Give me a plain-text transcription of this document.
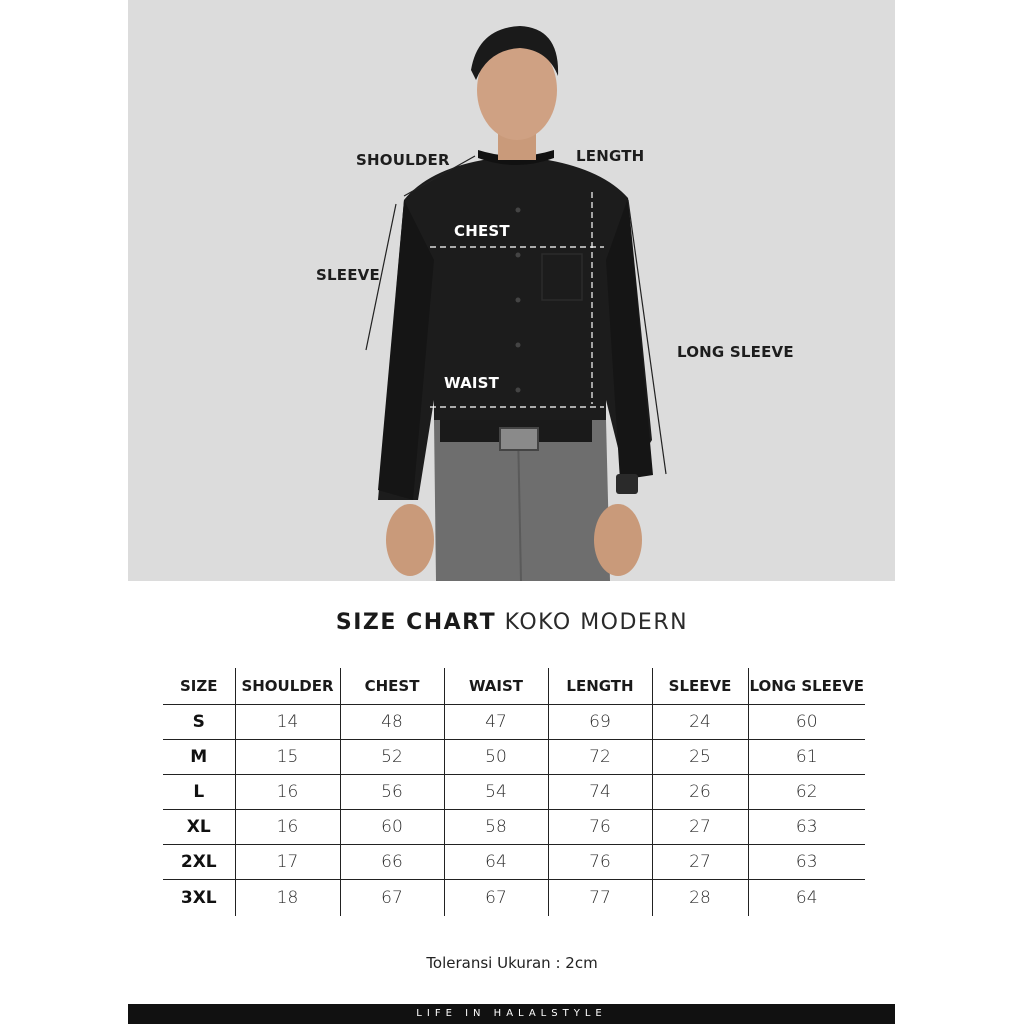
SHOULDER	LENGTH
CHEST
SLEEVE
LONG SLEEVE
WAIST
SIZE CHART KOKO MODERN
SIZE	SHOULDER	CHEST	WAIST	LENGTH	SLEEVE	LONG SLEEVE
S	14	48	47	69	24	60
M	15	52	50	72	25	61
L	16	56	54	74	26	62
XL	16	60	58	76	27	63
2XL	17	66	64	76	27	63
3XL	18	67	67	77	28	64
Toleransi Ukuran : 2cm
LIFE IN HALALSTYLE
